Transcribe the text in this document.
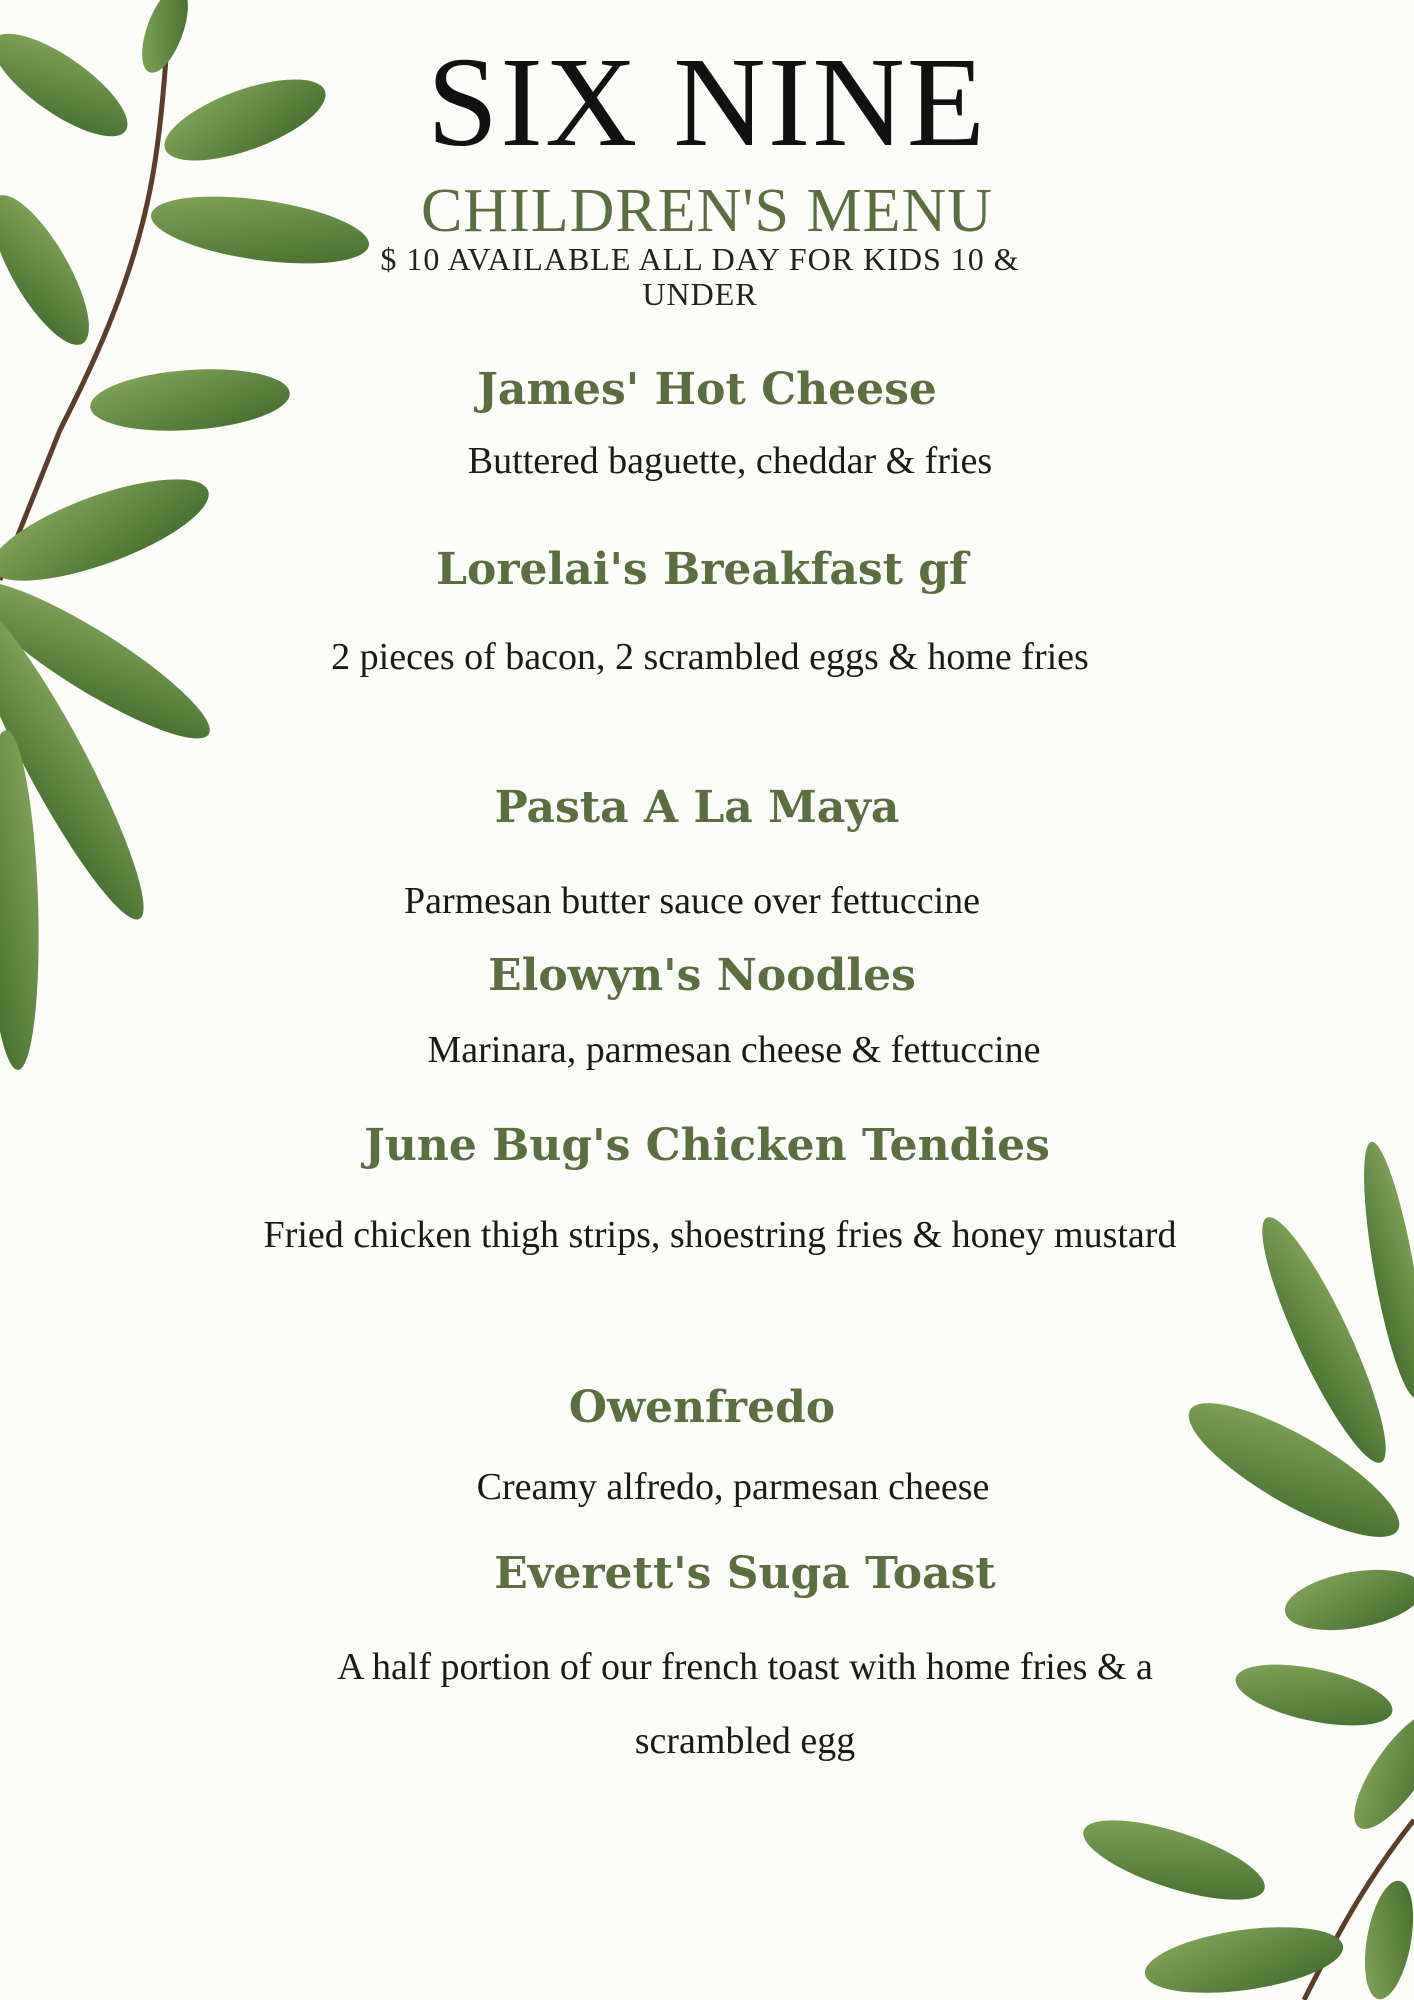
SIX NINE
CHILDREN'S MENU
$ 10 AVAILABLE ALL DAY FOR KIDS 10 & UNDER
James' Hot Cheese
Buttered baguette, cheddar & fries
Lorelai's Breakfast gf
2 pieces of bacon, 2 scrambled eggs & home fries
Pasta A La Maya
Parmesan butter sauce over fettuccine
Elowyn's Noodles
Marinara, parmesan cheese & fettuccine
June Bug's Chicken Tendies
Fried chicken thigh strips, shoestring fries & honey mustard
Owenfredo
Creamy alfredo, parmesan cheese
Everett's Suga Toast
A half portion of our french toast with home fries & a scrambled egg
